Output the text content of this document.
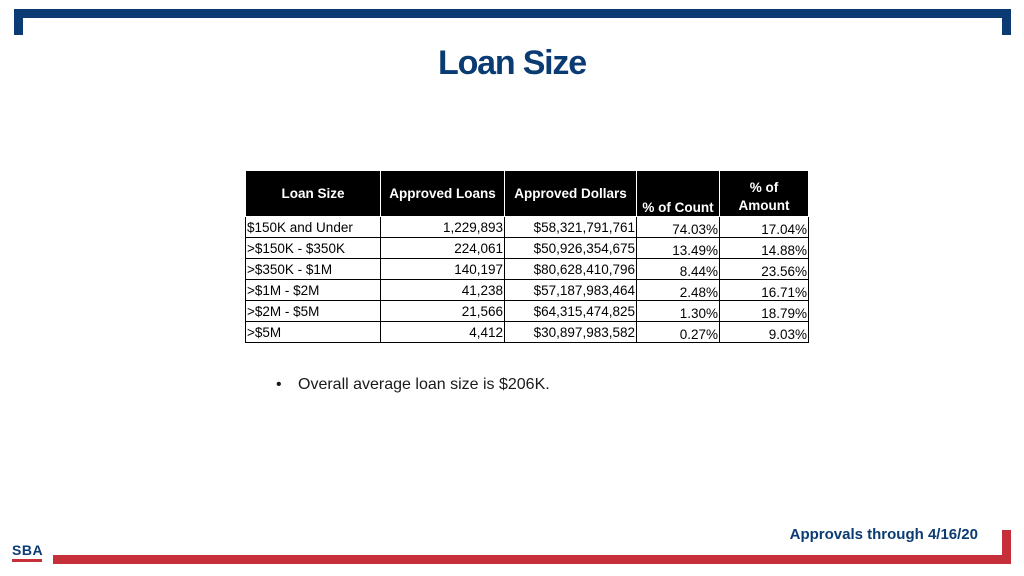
Loan Size
Loan Size	Approved Loans	Approved Dollars	% of Count	% of
Amount
$150K and Under	1,229,893	$58,321,791,761	74.03%	17.04%
>$150K - $350K	224,061	$50,926,354,675	13.49%	14.88%
>$350K - $1M	140,197	$80,628,410,796	8.44%	23.56%
>$1M - $2M	41,238	$57,187,983,464	2.48%	16.71%
>$2M - $5M	21,566	$64,315,474,825	1.30%	18.79%
>$5M	4,412	$30,897,983,582	0.27%	9.03%
• Overall average loan size is $206K.
Approvals through 4/16/20
SBA
